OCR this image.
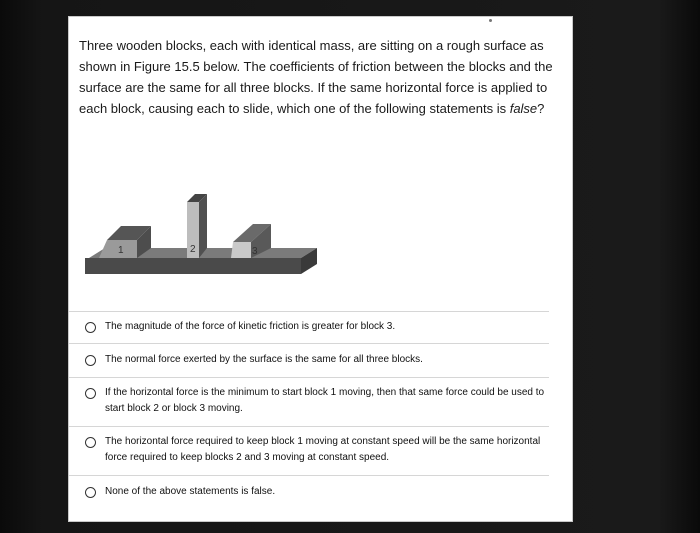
Three wooden blocks, each with identical mass, are sitting on a rough surface as shown in Figure 15.5 below. The coefficients of friction between the blocks and the surface are the same for all three blocks. If the same horizontal force is applied to each block, causing each to slide, which one of the following statements is false?

1	2	3
The magnitude of the force of kinetic friction is greater for block 3.
The normal force exerted by the surface is the same for all three blocks.
If the horizontal force is the minimum to start block 1 moving, then that same force could be used to start block 2 or block 3 moving.
The horizontal force required to keep block 1 moving at constant speed will be the same horizontal force required to keep blocks 2 and 3 moving at constant speed.
None of the above statements is false.
